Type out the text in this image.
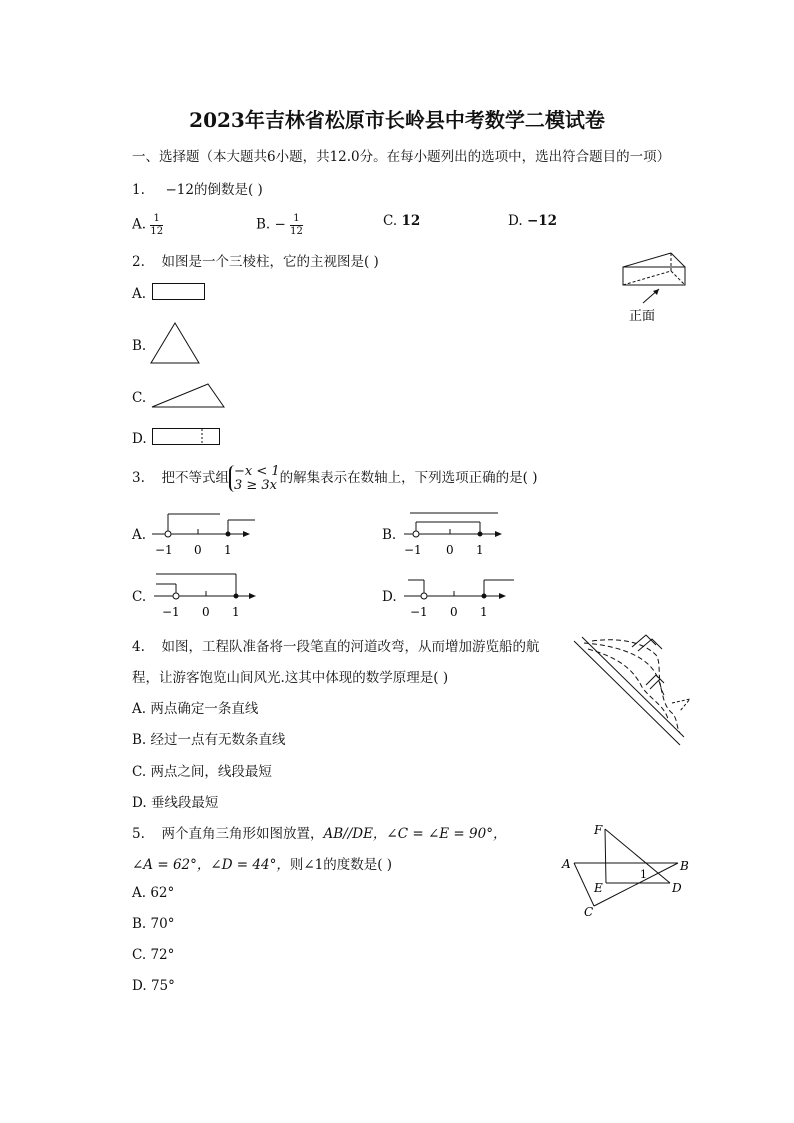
2023年吉林省松原市长岭县中考数学二模试卷
一、选择题（本大题共6小题，共12.0分。在每小题列出的选项中，选出符合题目的一项）
1. −12的倒数是( )
A. $\frac{1}{12}$	B. − $\frac{1}{12}$	C. 12	D. −12
2. 如图是一个三棱柱，它的主视图是( )
正面
A.
B.
C.
D.
3. 把不等式组 −x < 1
3 ≥ 3x 的解集表示在数轴上，下列选项正确的是( )
A.
−1 0 1
B.
−1 0 1
C.
−1 0 1
D.
−1 0 1
4. 如图，工程队准备将一段笔直的河道改弯，从而增加游览船的航
程，让游客饱览山间风光.这其中体现的数学原理是( )
A. 两点确定一条直线
B. 经过一点有无数条直线
C. 两点之间，线段最短
D. 垂线段最短
5. 两个直角三角形如图放置，AB//DE，∠C = ∠E = 90°，
∠A = 62°，∠D = 44°，则∠1的度数是( )
A. 62°
B. 70°
C. 72°
D. 75°
F
A	B
E	D
C
1
